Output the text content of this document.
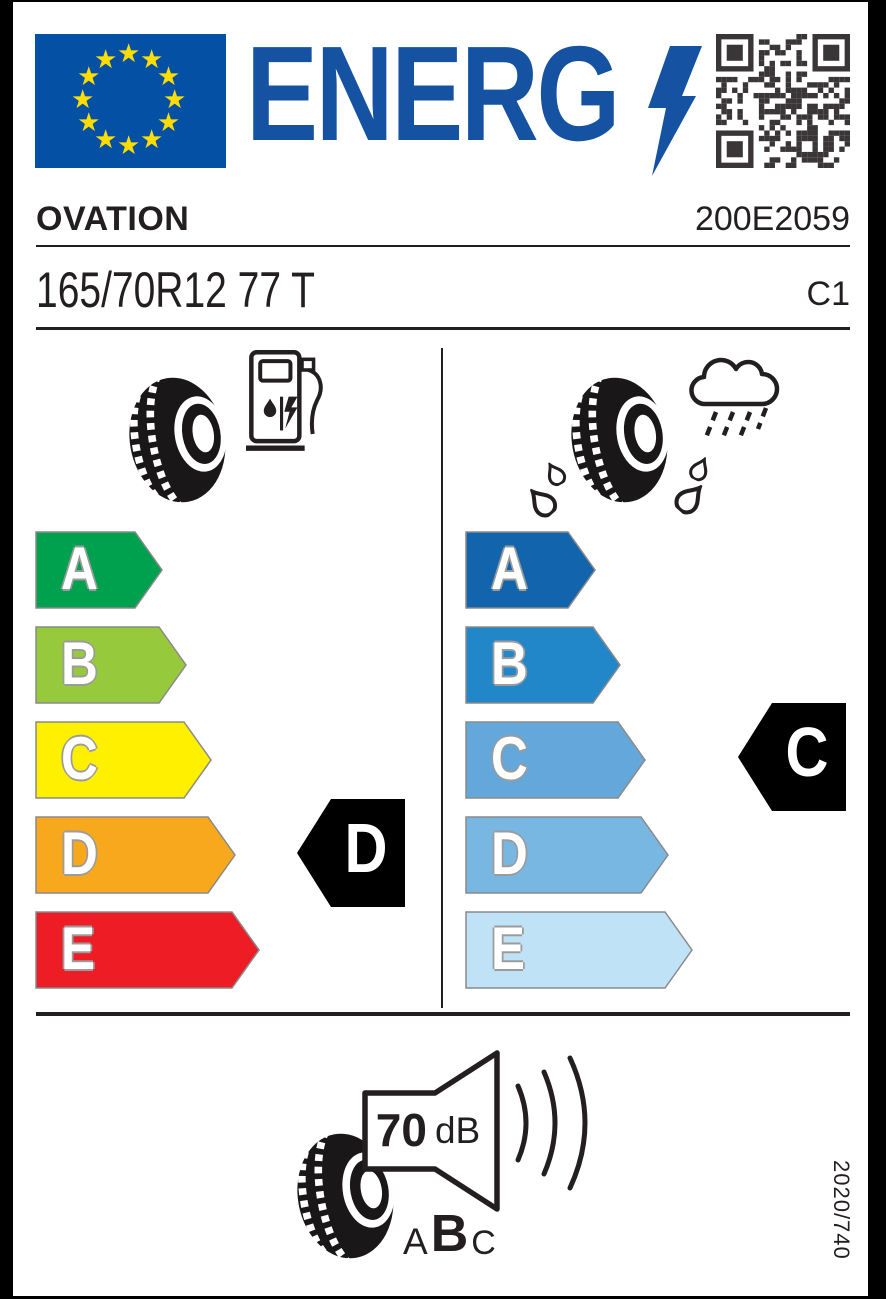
★ ★
★
★
★
★
★
★
★
★
★
★ ENERG
OVATION	200E2059
165/70R12 77 T	C1
A
B
C
D
E
A
B
C
D
E
D
C
70 dB
A B C	2020/740
